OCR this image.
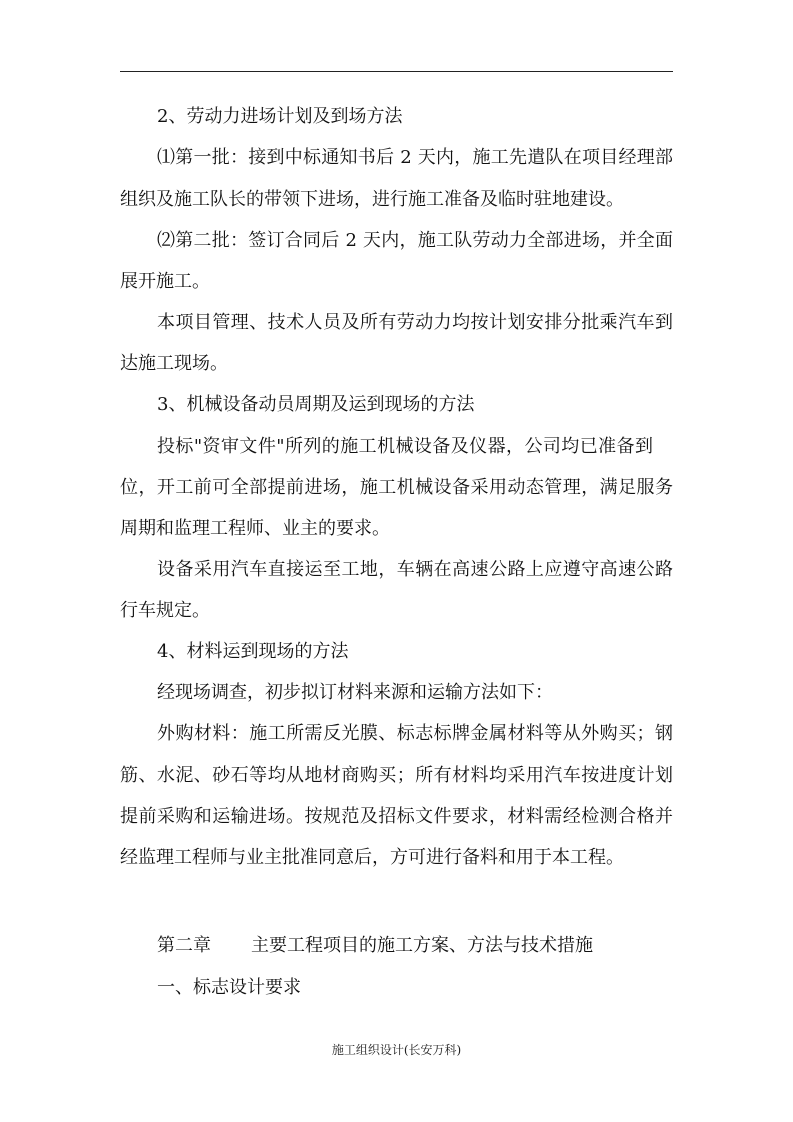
2、劳动力进场计划及到场方法
⑴第一批：接到中标通知书后 2 天内，施工先遣队在项目经理部
组织及施工队长的带领下进场，进行施工准备及临时驻地建设。
⑵第二批：签订合同后 2 天内，施工队劳动力全部进场，并全面
展开施工。
本项目管理、技术人员及所有劳动力均按计划安排分批乘汽车到
达施工现场。
3、机械设备动员周期及运到现场的方法
投标"资审文件"所列的施工机械设备及仪器，公司均已准备到
位，开工前可全部提前进场，施工机械设备采用动态管理，满足服务
周期和监理工程师、业主的要求。
设备采用汽车直接运至工地，车辆在高速公路上应遵守高速公路
行车规定。
4、材料运到现场的方法
经现场调查，初步拟订材料来源和运输方法如下：
外购材料：施工所需反光膜、标志标牌金属材料等从外购买；钢
筋、水泥、砂石等均从地材商购买；所有材料均采用汽车按进度计划
提前采购和运输进场。按规范及招标文件要求，材料需经检测合格并
经监理工程师与业主批准同意后，方可进行备料和用于本工程。
第二章 主要工程项目的施工方案、方法与技术措施
一、标志设计要求
施工组织设计(长安万科)
